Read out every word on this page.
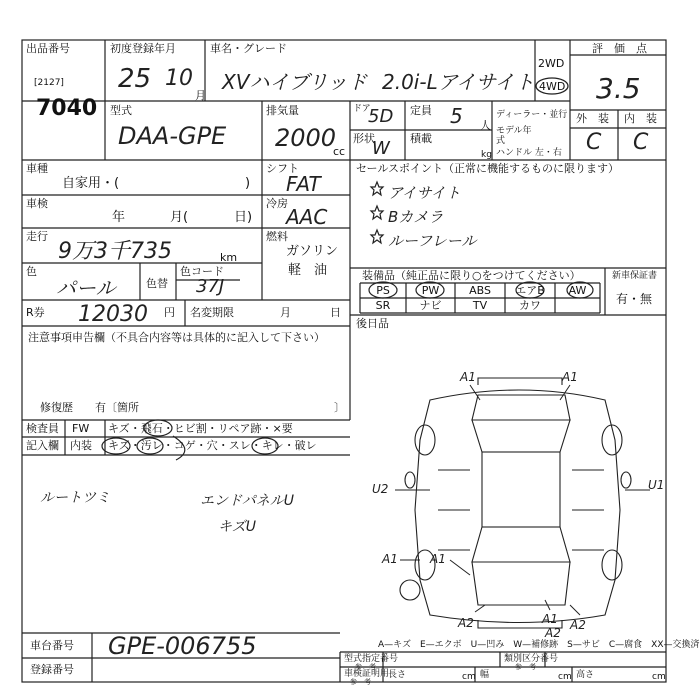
出品番号
[2127]
7040
初度登録年月
25 10
月
車名・グレード
XVハイブリッド 2.0i-Lアイサイト
2WD
4WD
評　価　点
3.5
型式
DAA-GPE
排気量
2000
cc
ドア
5D 定員 5 人
形状
W 積載
kg
ディーラー・並行
モデル年式
ハンドル 左・右
外　装 内　装
C C
車種
自家用・(	)
車検
年	月(	日)
走行
9万3千735	km
色
パール	色替
色コード
37J
R券 12030 円 名変期限	月	日
注意事項申告欄（不具合内容等は具体的に記入して下さい）
修復歴　　有〔箇所	〕
シフト
FAT
冷房
AAC
燃料
ガソリン
軽　油
セールスポイント（正常に機能するものに限ります）
アイサイト
Bカメラ
ルーフレール
装備品（純正品に限り○をつけてください）
PS	PW	ABS	エアB	AW
SR	ナビ	TV	カワ
新車保証書
有・無
後日品
検査員
記入欄
FW キズ・飛石・ヒビ割・リペア跡・×要
内装 キズ・汚レ・コゲ・穴・スレ・キレ・破レ
ルートツミ	エンドパネルU
キズU
A1	A1
U2	U1
A1	A1
A2	A1
A2
A2
A—キズ　E—エクボ　U—凹み　W—補修跡　S—サビ　C—腐食　XX—交換済
車台番号 GPE-006755
登録番号
型式指定番号
参　考
類別区分番号
参　考
車検証明用
参　考
長さ	cm 幅	cm 高さ	cm
